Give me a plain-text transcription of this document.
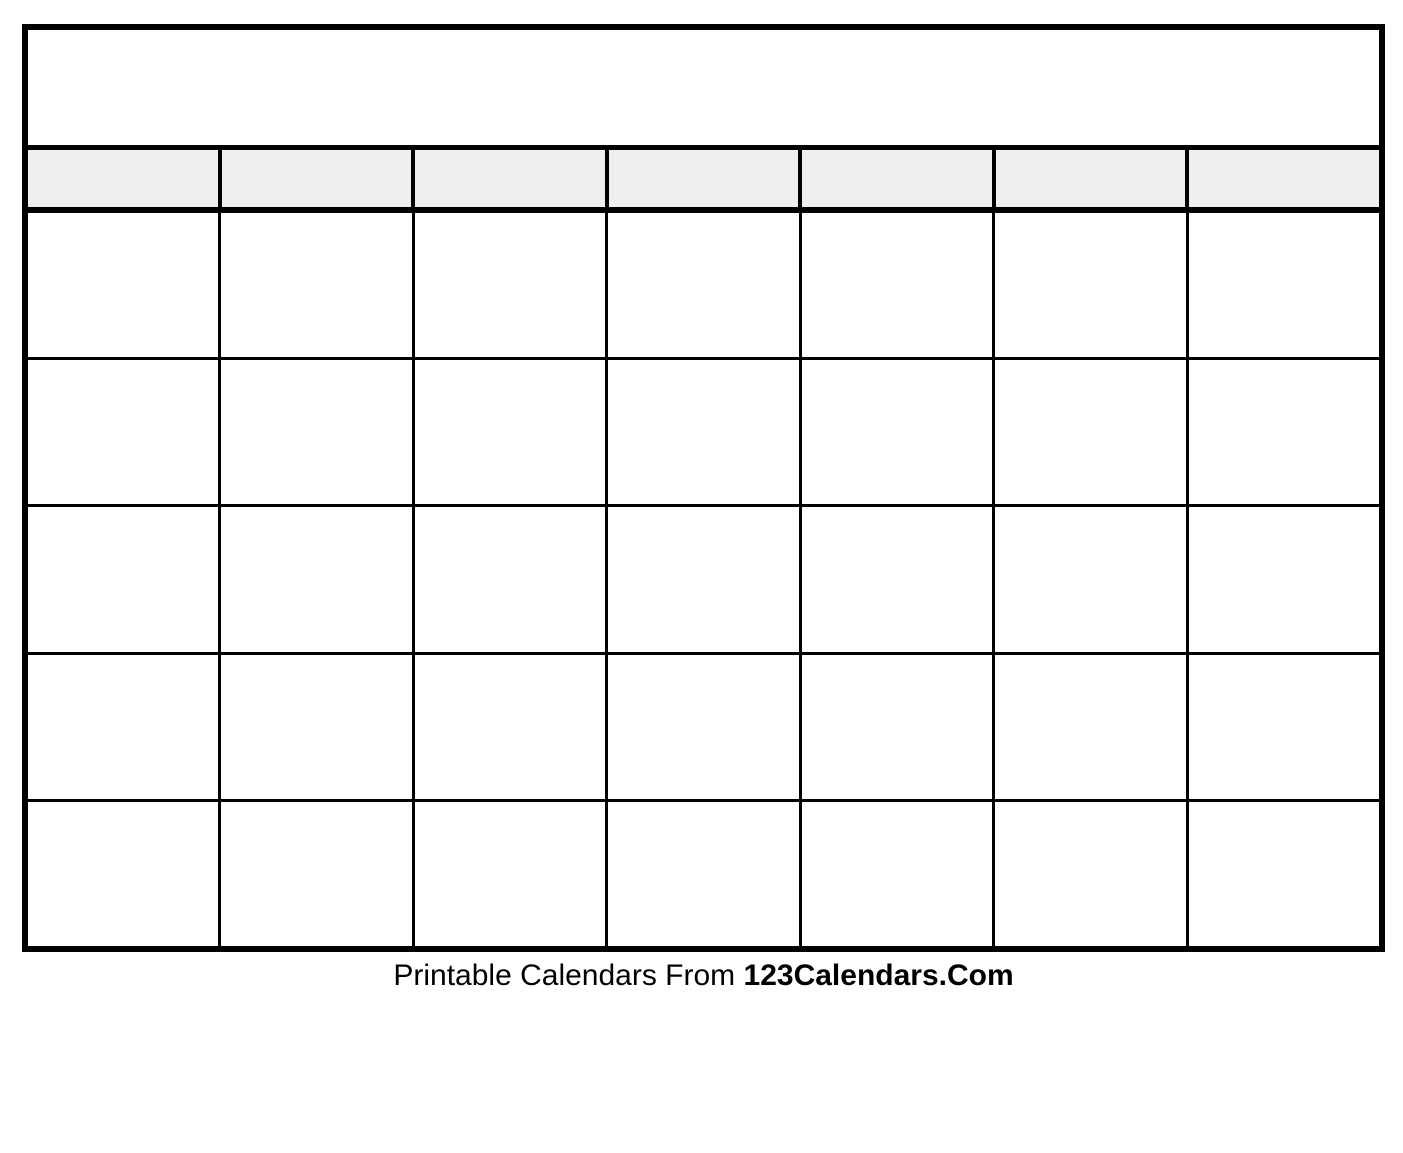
Printable Calendars From 123Calendars.Com
